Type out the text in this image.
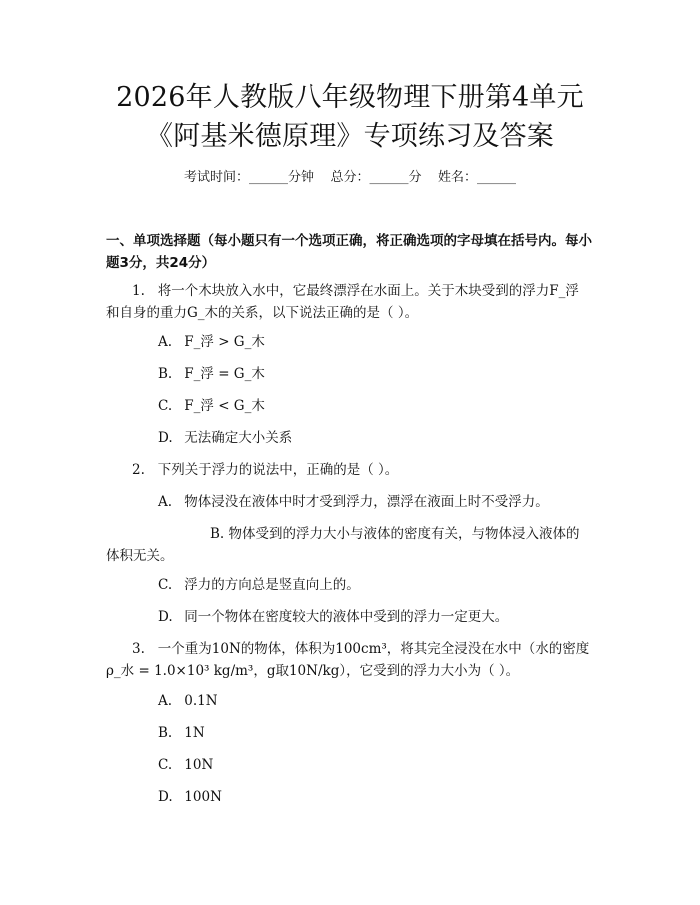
2026年人教版八年级物理下册第4单元《阿基米德原理》专项练习及答案
考试时间：______分钟    总分：______分    姓名：______
一、单项选择题（每小题只有一个选项正确，将正确选项的字母填在括号内。每小题3分，共24分）
1. 将一个木块放入水中，它最终漂浮在水面上。关于木块受到的浮力F_浮和自身的重力G_木的关系，以下说法正确的是（ ）。
A. F_浮 > G_木
B. F_浮 = G_木
C. F_浮 < G_木
D. 无法确定大小关系
2. 下列关于浮力的说法中，正确的是（ ）。
A. 物体浸没在液体中时才受到浮力，漂浮在液面上时不受浮力。
B. 物体受到的浮力大小与液体的密度有关，与物体浸入液体的体积无关。
C. 浮力的方向总是竖直向上的。
D. 同一个物体在密度较大的液体中受到的浮力一定更大。
3. 一个重为10N的物体，体积为100cm³，将其完全浸没在水中（水的密度ρ_水 = 1.0×10³ kg/m³，g取10N/kg），它受到的浮力大小为（ ）。
A. 0.1N
B. 1N
C. 10N
D. 100N
